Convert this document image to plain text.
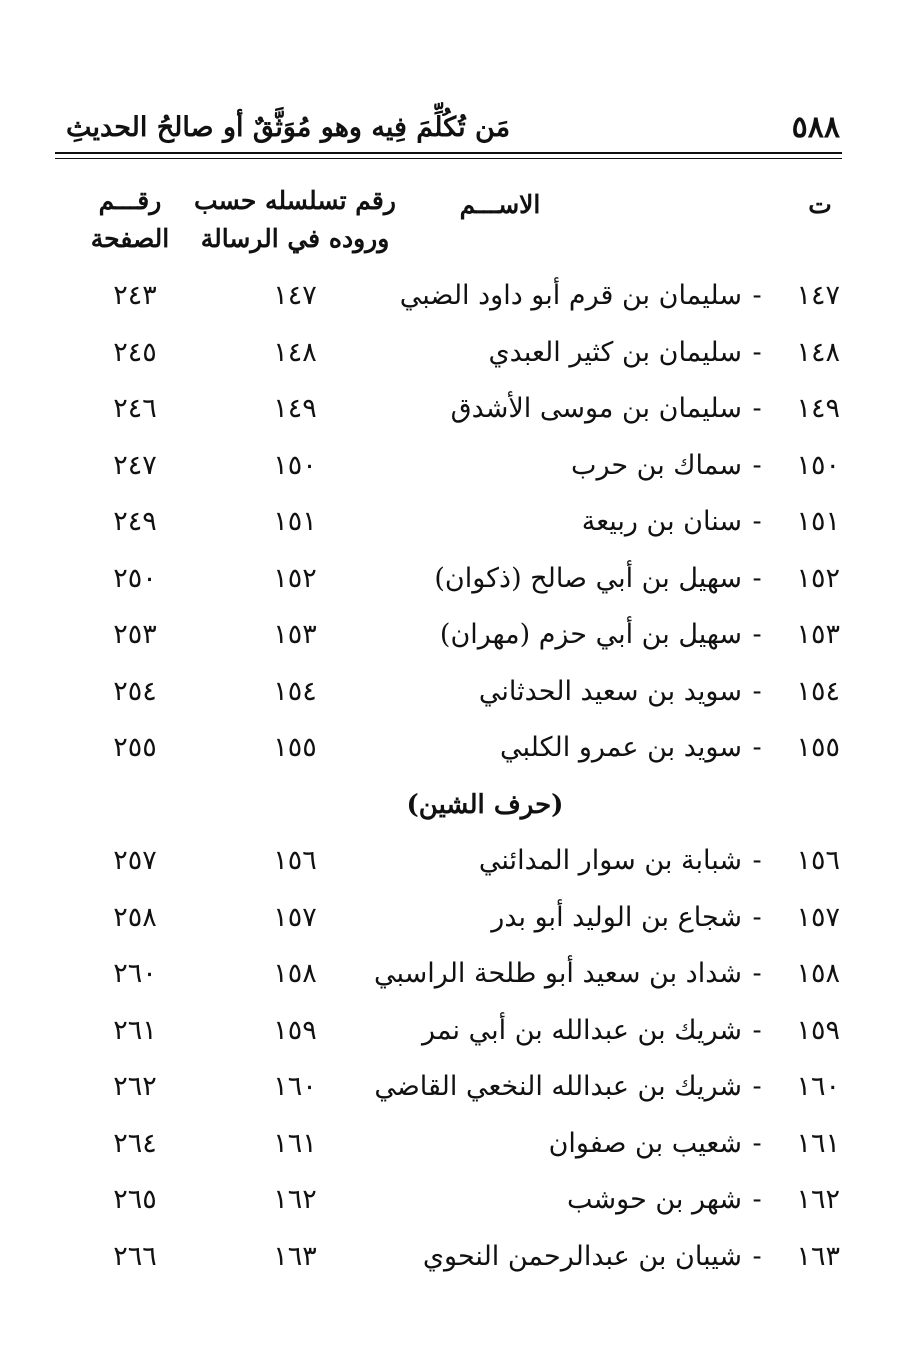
٥٨٨
مَن تُكُلِّمَ فِيه وهو مُوَثَّقٌ أو صالحُ الحديثِ
ت
الاســـم
رقم تسلسله حسب
وروده في الرسالة
رقـــم
الصفحة
١٤٧-سليمان بن قرم أبو داود الضبي
١٤٧
٢٤٣
١٤٨-سليمان بن كثير العبدي
١٤٨
٢٤٥
١٤٩-سليمان بن موسى الأشدق
١٤٩
٢٤٦
١٥٠-سماك بن حرب
١٥٠
٢٤٧
١٥١-سنان بن ربيعة
١٥١
٢٤٩
١٥٢-سهيل بن أبي صالح (ذكوان)
١٥٢
٢٥٠
١٥٣-سهيل بن أبي حزم (مهران)
١٥٣
٢٥٣
١٥٤-سويد بن سعيد الحدثاني
١٥٤
٢٥٤
١٥٥-سويد بن عمرو الكلبي
١٥٥
٢٥٥
(حرف الشين)
١٥٦-شبابة بن سوار المدائني
١٥٦
٢٥٧
١٥٧-شجاع بن الوليد أبو بدر
١٥٧
٢٥٨
١٥٨-شداد بن سعيد أبو طلحة الراسبي
١٥٨
٢٦٠
١٥٩-شريك بن عبدالله بن أبي نمر
١٥٩
٢٦١
١٦٠-شريك بن عبدالله النخعي القاضي
١٦٠
٢٦٢
١٦١-شعيب بن صفوان
١٦١
٢٦٤
١٦٢-شهر بن حوشب
١٦٢
٢٦٥
١٦٣-شيبان بن عبدالرحمن النحوي
١٦٣
٢٦٦
